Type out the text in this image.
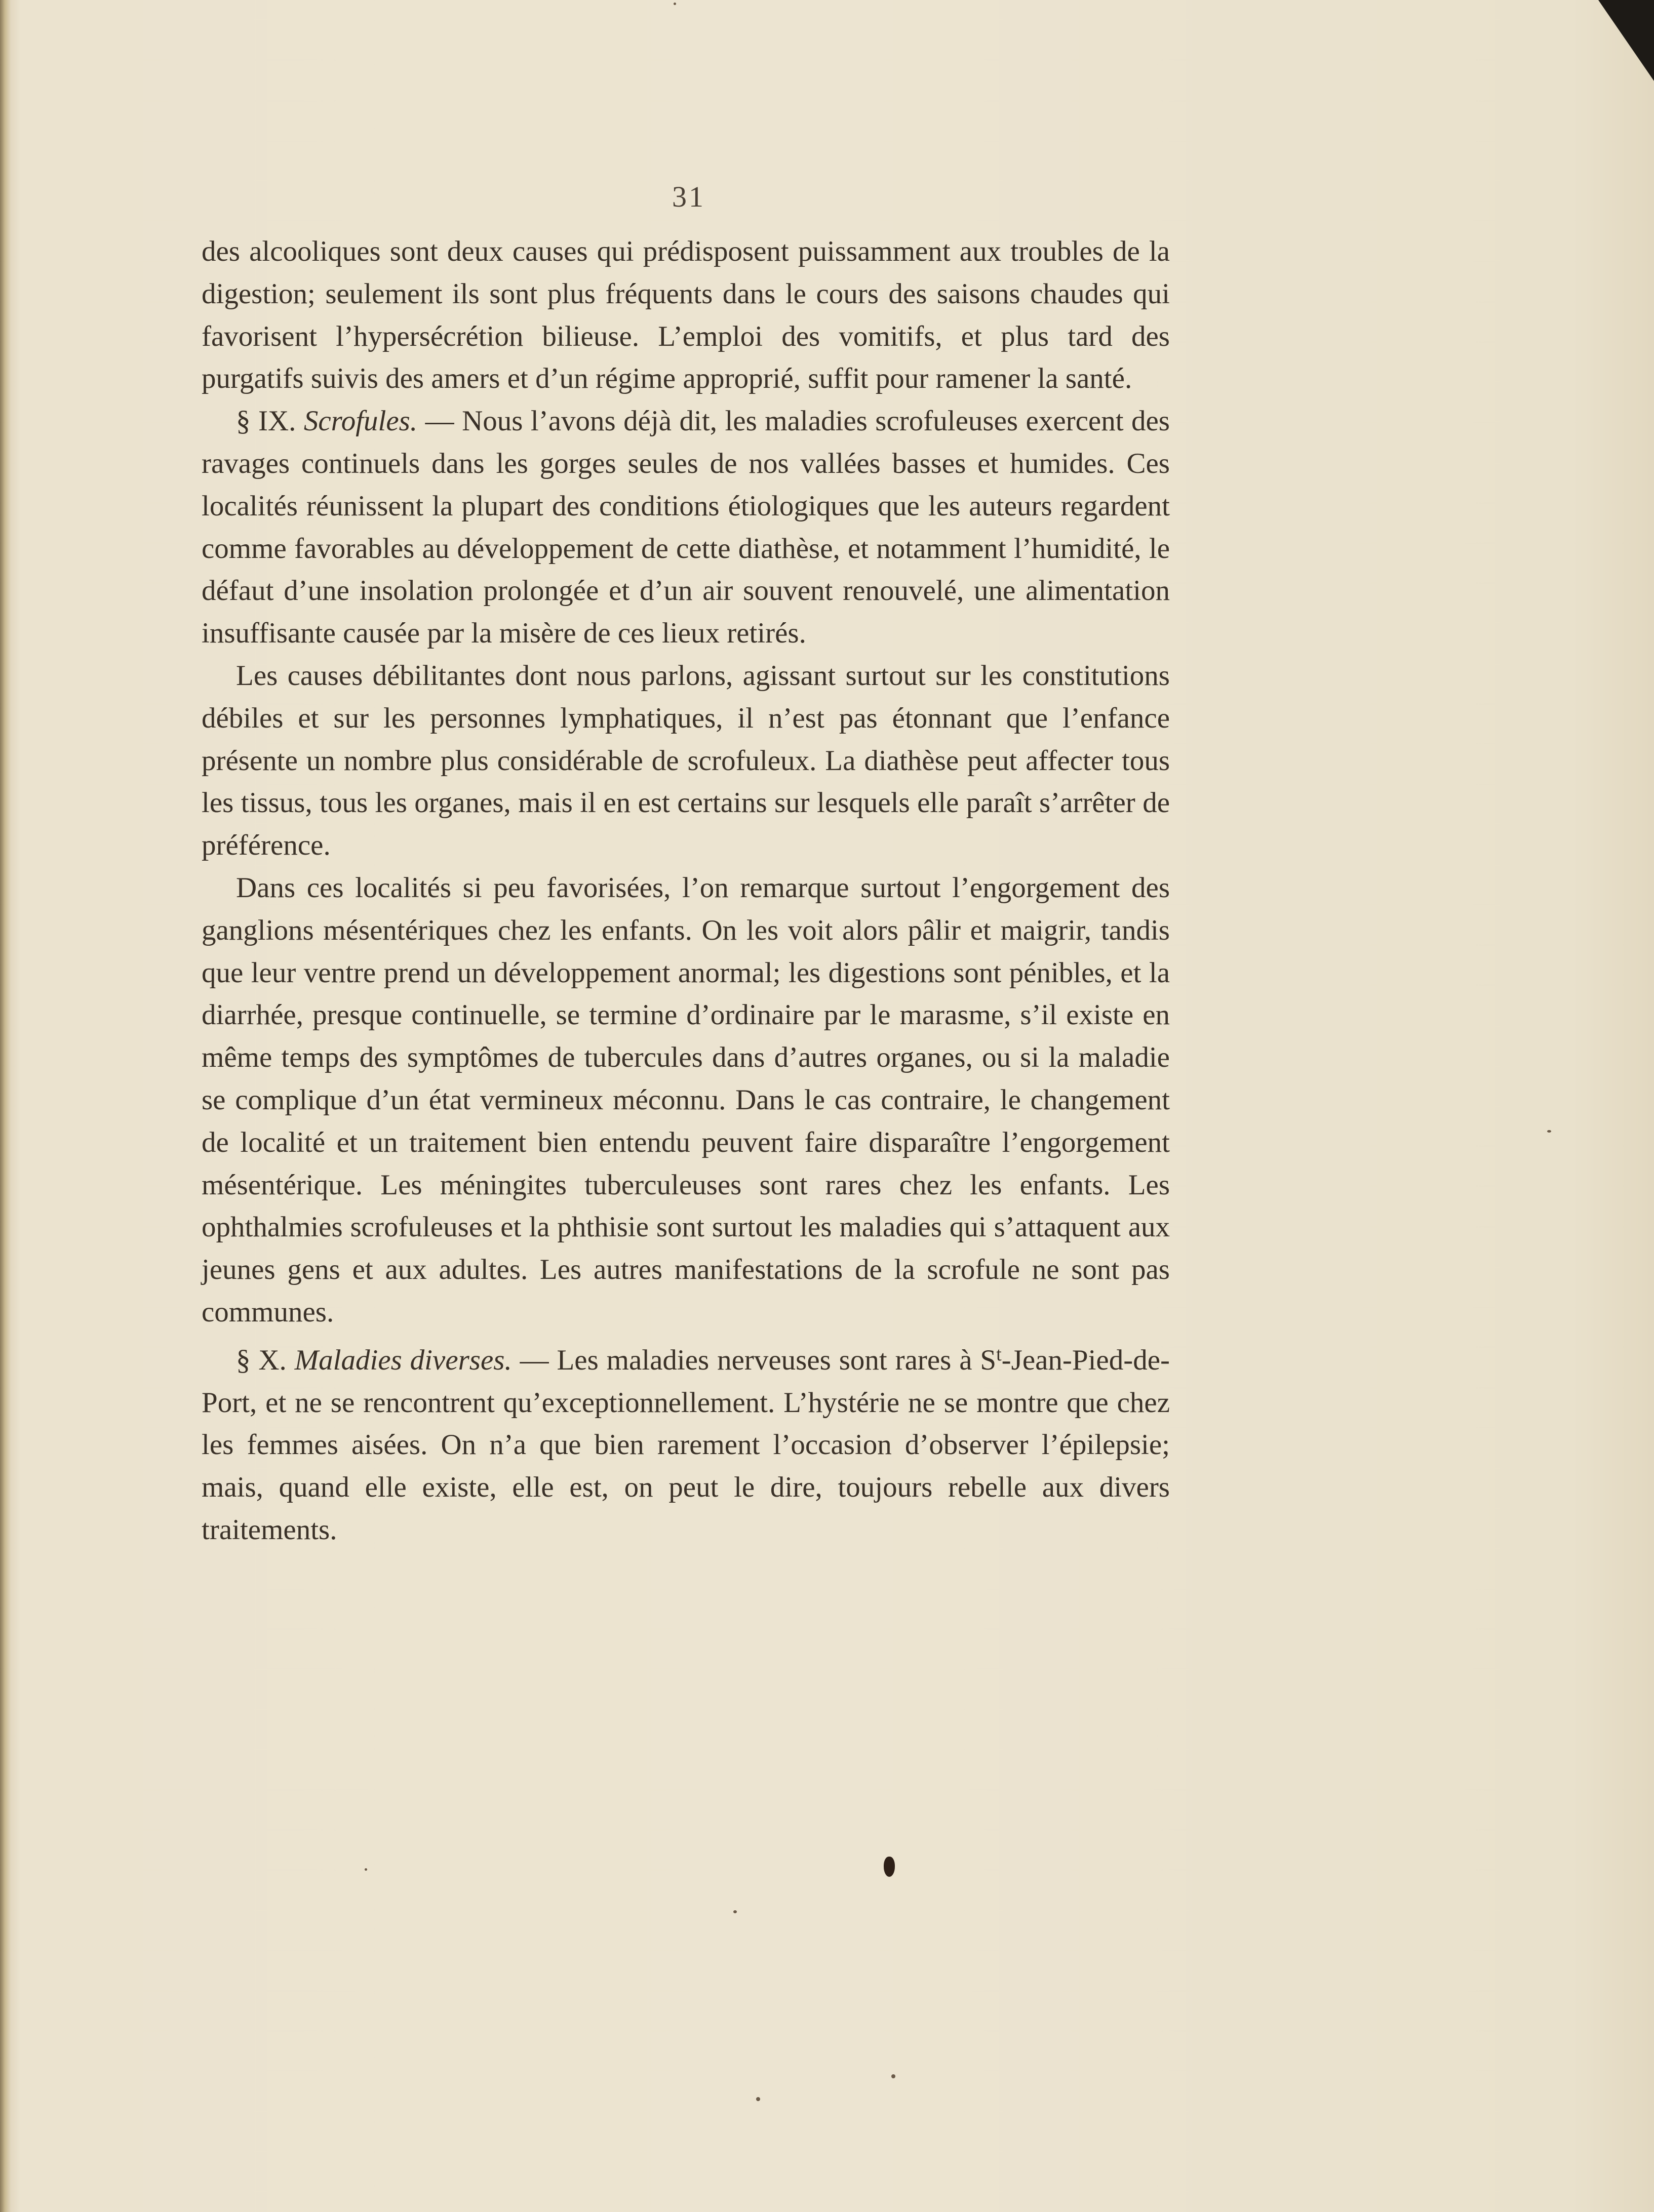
31

des alcooliques sont deux causes qui prédisposent puissamment aux troubles de la digestion; seulement ils sont plus fréquents dans le cours des saisons chaudes qui favorisent l’hypersécrétion bilieuse. L’emploi des vomitifs, et plus tard des purgatifs suivis des amers et d’un régime approprié, suffit pour ramener la santé.

§ IX. Scrofules. — Nous l’avons déjà dit, les maladies scrofuleuses exercent des ravages continuels dans les gorges seules de nos vallées basses et humides. Ces localités réunissent la plupart des conditions étiologiques que les auteurs regardent comme favorables au développement de cette diathèse, et notamment l’humidité, le défaut d’une insolation prolongée et d’un air souvent renouvelé, une alimentation insuffisante causée par la misère de ces lieux retirés.

Les causes débilitantes dont nous parlons, agissant surtout sur les constitutions débiles et sur les personnes lymphatiques, il n’est pas étonnant que l’enfance présente un nombre plus considérable de scrofuleux. La diathèse peut affecter tous les tissus, tous les organes, mais il en est certains sur lesquels elle paraît s’arrêter de préférence.

Dans ces localités si peu favorisées, l’on remarque surtout l’engorgement des ganglions mésentériques chez les enfants. On les voit alors pâlir et maigrir, tandis que leur ventre prend un développement anormal; les digestions sont pénibles, et la diarrhée, presque continuelle, se termine d’ordinaire par le marasme, s’il existe en même temps des symptômes de tubercules dans d’autres organes, ou si la maladie se complique d’un état vermineux méconnu. Dans le cas contraire, le changement de localité et un traitement bien entendu peuvent faire disparaître l’engorgement mésentérique. Les méningites tuberculeuses sont rares chez les enfants. Les ophthalmies scrofuleuses et la phthisie sont surtout les maladies qui s’attaquent aux jeunes gens et aux adultes. Les autres manifestations de la scrofule ne sont pas communes.

§ X. Maladies diverses. — Les maladies nerveuses sont rares à $S^t-Jean-Pied-de$-Port, et ne se rencontrent qu’exceptionnellement. L’hystérie ne se montre que chez les femmes aisées. On n’a que bien rarement l’occasion d’observer l’épilepsie; mais, quand elle existe, elle est, on peut le dire, toujours rebelle aux divers traitements.
